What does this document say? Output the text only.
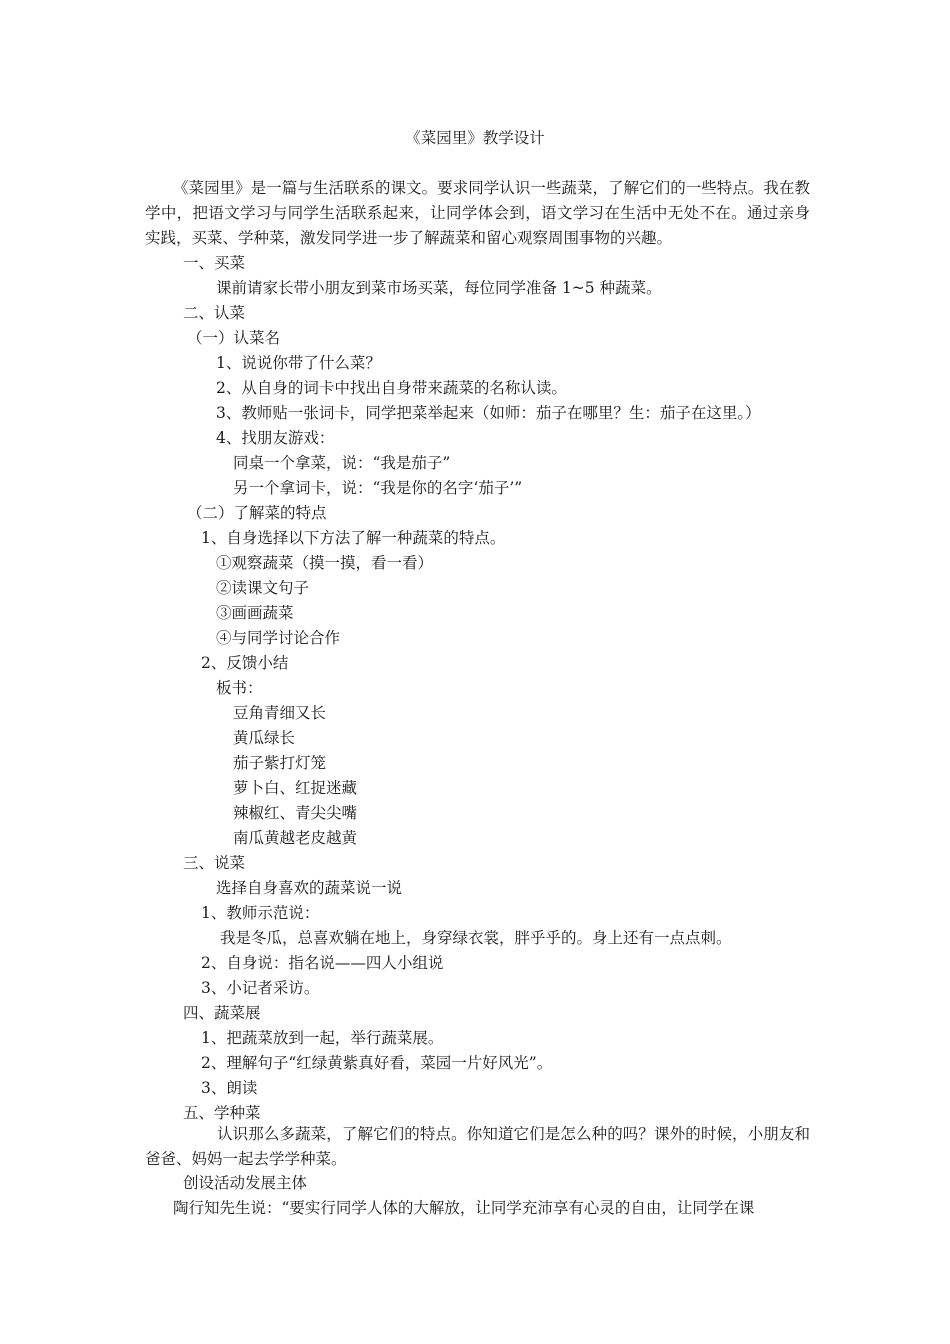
《菜园里》教学设计
《菜园里》是一篇与生活联系的课文。要求同学认识一些蔬菜，了解它们的一些特点。我在教学中，把语文学习与同学生活联系起来，让同学体会到，语文学习在生活中无处不在。通过亲身实践，买菜、学种菜，激发同学进一步了解蔬菜和留心观察周围事物的兴趣。
一、买菜
课前请家长带小朋友到菜市场买菜，每位同学准备 1~5 种蔬菜。
二、认菜
（一）认菜名
1、说说你带了什么菜？
2、从自身的词卡中找出自身带来蔬菜的名称认读。
3、教师贴一张词卡，同学把菜举起来（如师：茄子在哪里？生：茄子在这里。）
4、找朋友游戏：
同桌一个拿菜，说：“我是茄子”
另一个拿词卡，说：“我是你的名字‘茄子’”
（二）了解菜的特点
1、自身选择以下方法了解一种蔬菜的特点。
①观察蔬菜（摸一摸，看一看）
②读课文句子
③画画蔬菜
④与同学讨论合作
2、反馈小结
板书：
豆角青细又长
黄瓜绿长
茄子紫打灯笼
萝卜白、红捉迷藏
辣椒红、青尖尖嘴
南瓜黄越老皮越黄
三、说菜
选择自身喜欢的蔬菜说一说
1、教师示范说：
我是冬瓜，总喜欢躺在地上，身穿绿衣裳，胖乎乎的。身上还有一点点刺。
2、自身说：指名说——四人小组说
3、小记者采访。
四、蔬菜展
1、把蔬菜放到一起，举行蔬菜展。
2、理解句子“红绿黄紫真好看，菜园一片好风光”。
3、朗读
五、学种菜
认识那么多蔬菜，了解它们的特点。你知道它们是怎么种的吗？课外的时候，小朋友和爸爸、妈妈一起去学学种菜。
创设活动发展主体
陶行知先生说：“要实行同学人体的大解放，让同学充沛享有心灵的自由，让同学在课
